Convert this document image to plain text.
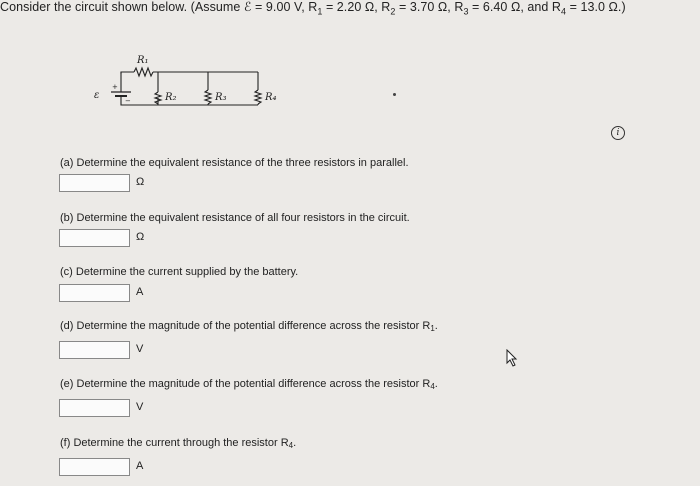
Consider the circuit shown below. (Assume ℰ = 9.00 V, $R_1 = 2.20$ Ω, $R_2 = 3.70$ Ω, $R_3 = 6.40$ Ω, and $R_4 = 13.0$ Ω.)
R₁
R₂	R₃	R₄
ε
+
−
i
(a) Determine the equivalent resistance of the three resistors in parallel.
Ω
(b) Determine the equivalent resistance of all four resistors in the circuit.
Ω
(c) Determine the current supplied by the battery.
A
(d) Determine the magnitude of the potential difference across the resistor $R_1$.
V
(e) Determine the magnitude of the potential difference across the resistor $R_4$.
V
(f) Determine the current through the resistor $R_4$.
A
